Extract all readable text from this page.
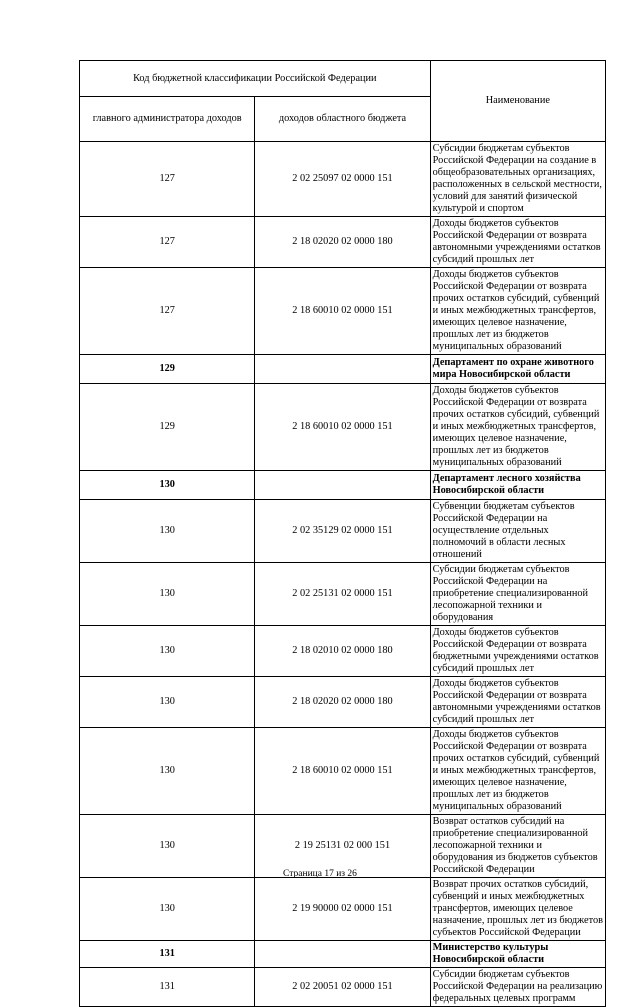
Код бюджетной классификации Российской Федерации		Наименование
главного администратора доходов	доходов областного бюджета	
127	2 02 25097 02 0000 151	Субсидии бюджетам субъектов Российской Федерации на создание в общеобразовательных организациях, расположенных в сельской местности, условий для занятий физической культурой и спортом
127	2 18 02020 02 0000 180	Доходы бюджетов субъектов Российской Федерации от возврата автономными учреждениями остатков субсидий прошлых лет
127	2 18 60010 02 0000 151	Доходы бюджетов субъектов Российской Федерации от возврата прочих остатков субсидий, субвенций и иных межбюджетных трансфертов, имеющих целевое назначение, прошлых лет из бюджетов муниципальных образований
129		Департамент по охране животного мира Новосибирской области
129	2 18 60010 02 0000 151	Доходы бюджетов субъектов Российской Федерации от возврата прочих остатков субсидий, субвенций и иных межбюджетных трансфертов, имеющих целевое назначение, прошлых лет из бюджетов муниципальных образований
130		Департамент лесного хозяйства Новосибирской области
130	2 02 35129 02 0000 151	Субвенции бюджетам субъектов Российской Федерации на осуществление отдельных полномочий в области лесных отношений
130	2 02 25131 02 0000 151	Субсидии бюджетам субъектов Российской Федерации на приобретение специализированной лесопожарной техники и оборудования
130	2 18 02010 02 0000 180	Доходы бюджетов субъектов Российской Федерации от возврата бюджетными учреждениями остатков субсидий прошлых лет
130	2 18 02020 02 0000 180	Доходы бюджетов субъектов Российской Федерации от возврата автономными учреждениями остатков субсидий прошлых лет
130	2 18 60010 02 0000 151	Доходы бюджетов субъектов Российской Федерации от возврата прочих остатков субсидий, субвенций и иных межбюджетных трансфертов, имеющих целевое назначение, прошлых лет из бюджетов муниципальных образований
130	2 19 25131 02 000 151	Возврат остатков субсидий на приобретение специализированной лесопожарной техники и оборудования из бюджетов субъектов Российской Федерации
130	2 19 90000 02 0000 151	Возврат прочих остатков субсидий, субвенций и иных межбюджетных трансфертов, имеющих целевое назначение, прошлых лет из бюджетов субъектов Российской Федерации
131		Министерство культуры Новосибирской области
131	2 02 20051 02 0000 151	Субсидии бюджетам субъектов Российской Федерации на реализацию федеральных целевых программ
Страница 17 из 26
